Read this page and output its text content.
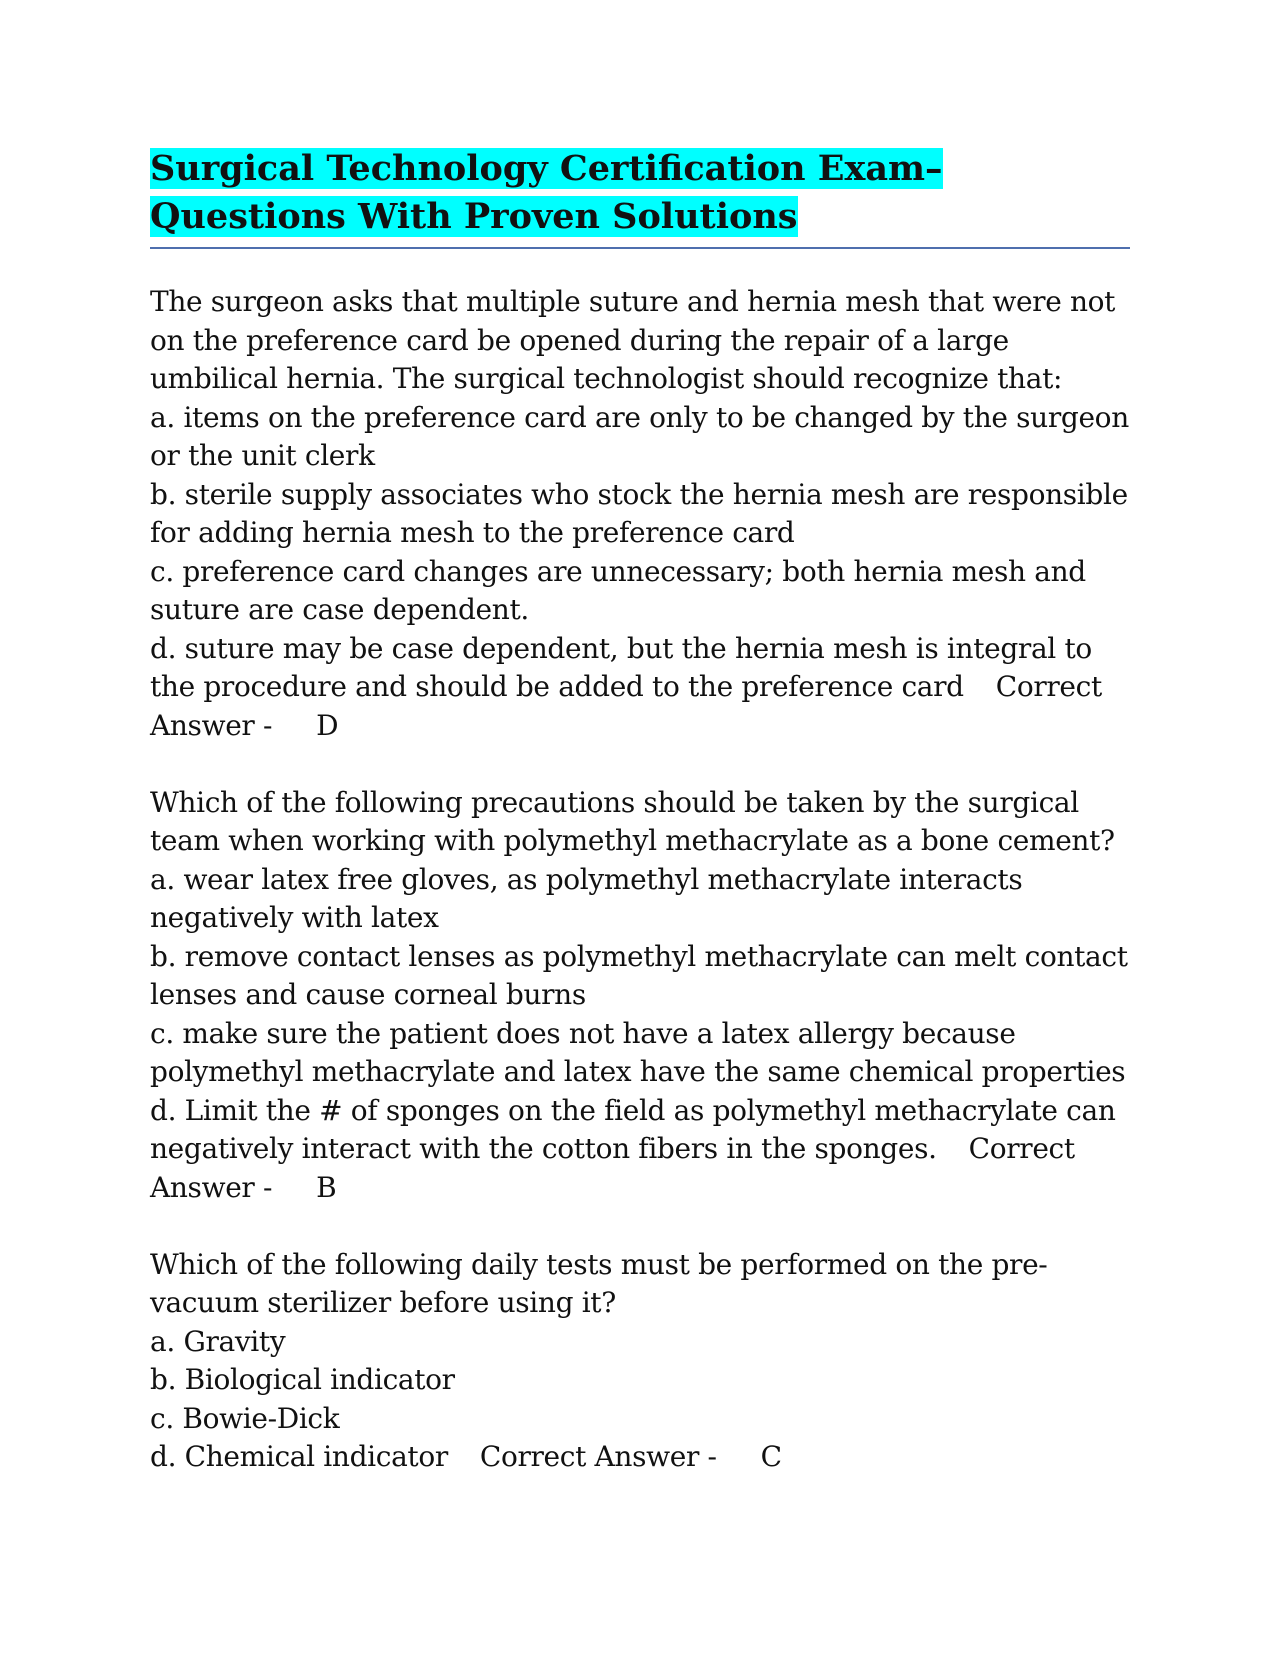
Surgical Technology Certification Exam– Questions With Proven Solutions

The surgeon asks that multiple suture and hernia mesh that were not on the preference card be opened during the repair of a large umbilical hernia. The surgical technologist should recognize that:

a. items on the preference card are only to be changed by the surgeon or the unit clerk

b. sterile supply associates who stock the hernia mesh are responsible for adding hernia mesh to the preference card

c. preference card changes are unnecessary; both hernia mesh and suture are case dependent.

d. suture may be case dependent, but the hernia mesh is integral to the procedure and should be added to the preference card Correct Answer - D

Which of the following precautions should be taken by the surgical team when working with polymethyl methacrylate as a bone cement?

a. wear latex free gloves, as polymethyl methacrylate interacts negatively with latex

b. remove contact lenses as polymethyl methacrylate can melt contact lenses and cause corneal burns

c. make sure the patient does not have a latex allergy because polymethyl methacrylate and latex have the same chemical properties

d. Limit the # of sponges on the field as polymethyl methacrylate can negatively interact with the cotton fibers in the sponges. Correct Answer - B

Which of the following daily tests must be performed on the pre-vacuum sterilizer before using it?

a. Gravity

b. Biological indicator

c. Bowie-Dick

d. Chemical indicator Correct Answer - C
